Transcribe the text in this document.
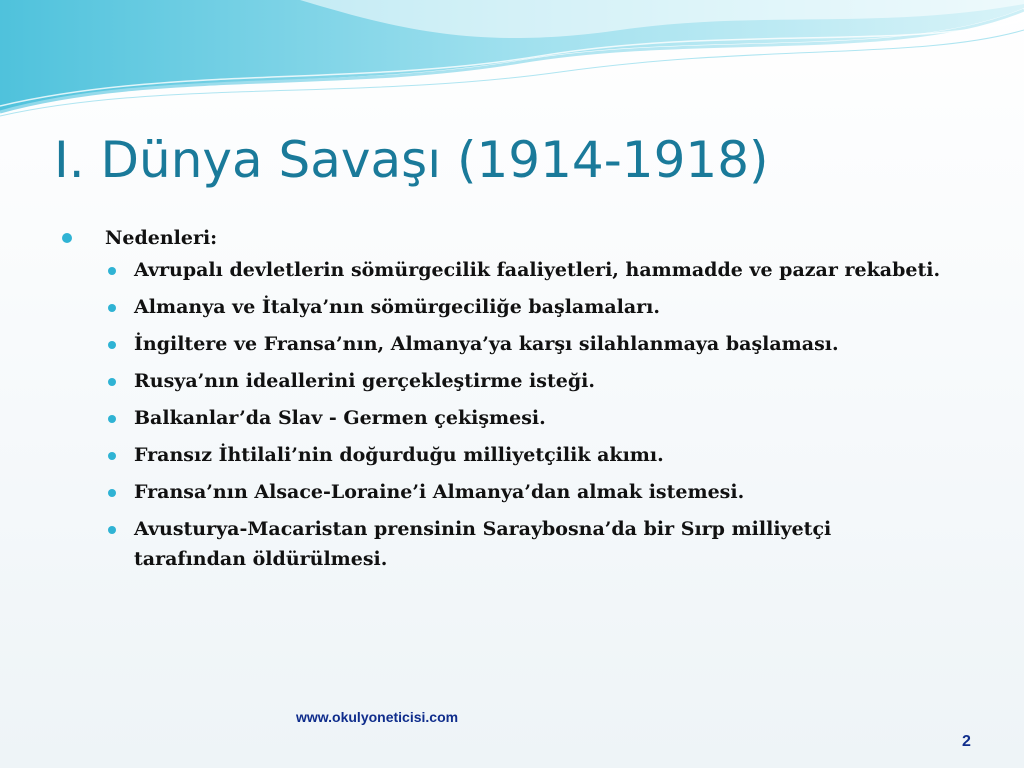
I. Dünya Savaşı (1914-1918)
Nedenleri:
Avrupalı devletlerin sömürgecilik faaliyetleri, hammadde ve pazar rekabeti.
Almanya ve İtalya’nın sömürgeciliğe başlamaları.
İngiltere ve Fransa’nın, Almanya’ya karşı silahlanmaya başlaması.
Rusya’nın ideallerini gerçekleştirme isteği.
Balkanlar’da Slav - Germen çekişmesi.
Fransız İhtilali’nin doğurduğu milliyetçilik akımı.
Fransa’nın Alsace-Loraine’i Almanya’dan almak istemesi.
Avusturya-Macaristan prensinin Saraybosna’da bir Sırp milliyetçi tarafından öldürülmesi.
www.okulyoneticisi.com
2
